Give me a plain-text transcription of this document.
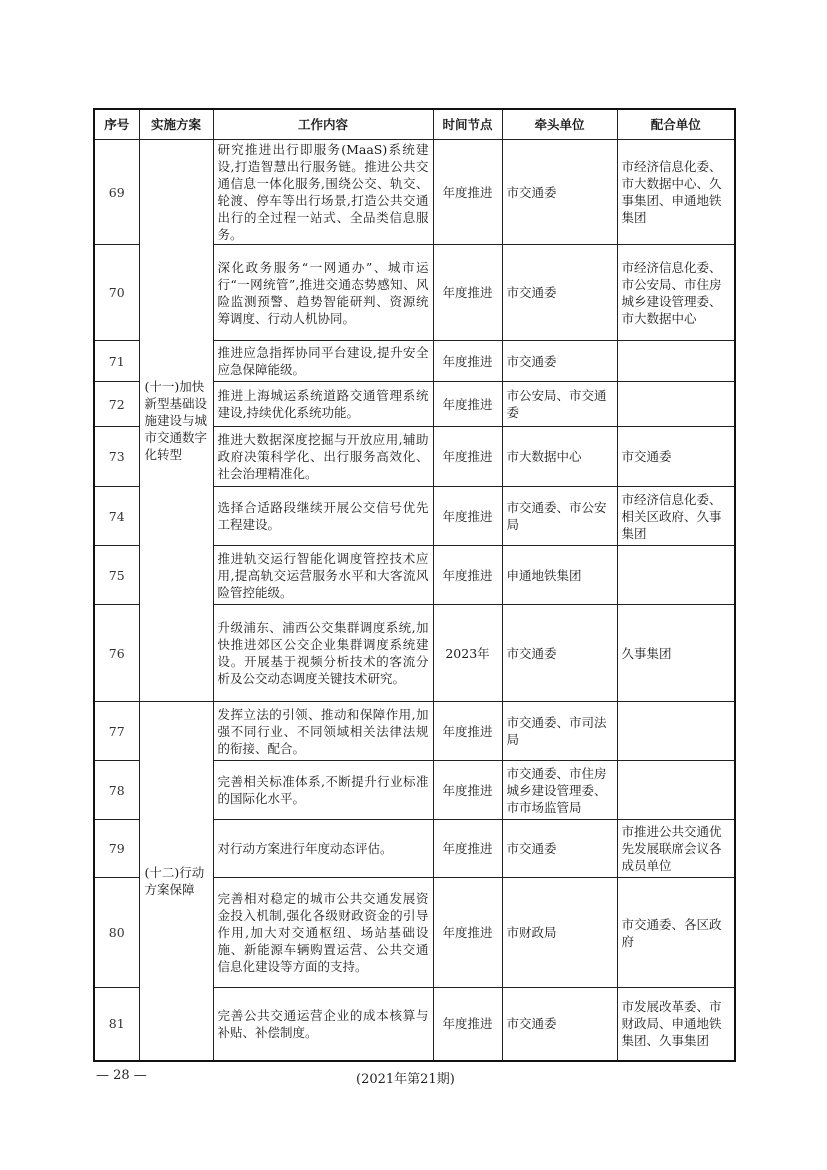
序号	实施方案	工作内容	时间节点	牵头单位	配合单位
69	(十一)加快新型基础设施建设与城市交通数字化转型	研究推进出行即服务(MaaS)系统建设,打造智慧出行服务链。推进公共交通信息一体化服务,围绕公交、轨交、轮渡、停车等出行场景,打造公共交通出行的全过程一站式、全品类信息服务。	年度推进	市交通委	市经济信息化委、市大数据中心、久事集团、申通地铁集团
70		深化政务服务“一网通办”、城市运行“一网统管”,推进交通态势感知、风险监测预警、趋势智能研判、资源统筹调度、行动人机协同。	年度推进	市交通委	市经济信息化委、市公安局、市住房城乡建设管理委、市大数据中心
71		推进应急指挥协同平台建设,提升安全应急保障能级。	年度推进	市交通委	
72		推进上海城运系统道路交通管理系统建设,持续优化系统功能。	年度推进	市公安局、市交通委	
73		推进大数据深度挖掘与开放应用,辅助政府决策科学化、出行服务高效化、社会治理精准化。	年度推进	市大数据中心	市交通委
74		选择合适路段继续开展公交信号优先工程建设。	年度推进	市交通委、市公安局	市经济信息化委、相关区政府、久事集团
75		推进轨交运行智能化调度管控技术应用,提高轨交运营服务水平和大客流风险管控能级。	年度推进	申通地铁集团	
76		升级浦东、浦西公交集群调度系统,加快推进郊区公交企业集群调度系统建设。开展基于视频分析技术的客流分析及公交动态调度关键技术研究。	2023年	市交通委	久事集团
77	(十二)行动方案保障	发挥立法的引领、推动和保障作用,加强不同行业、不同领域相关法律法规的衔接、配合。	年度推进	市交通委、市司法局	
78		完善相关标准体系,不断提升行业标准的国际化水平。	年度推进	市交通委、市住房城乡建设管理委、市市场监管局	
79		对行动方案进行年度动态评估。	年度推进	市交通委	市推进公共交通优先发展联席会议各成员单位
80		完善相对稳定的城市公共交通发展资金投入机制,强化各级财政资金的引导作用,加大对交通枢纽、场站基础设施、新能源车辆购置运营、公共交通信息化建设等方面的支持。	年度推进	市财政局	市交通委、各区政府
81		完善公共交通运营企业的成本核算与补贴、补偿制度。	年度推进	市交通委	市发展改革委、市财政局、申通地铁集团、久事集团
— 28 —	(2021年第21期)
